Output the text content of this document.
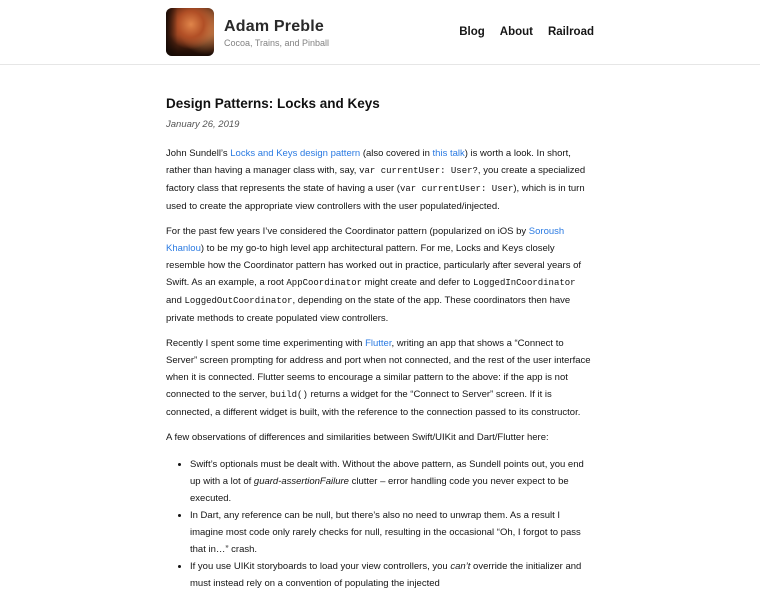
Adam Preble
Cocoa, Trains, and Pinball
Blog About Railroad
Design Patterns: Locks and Keys

January 26, 2019

John Sundell’s Locks and Keys design pattern (also covered in this talk) is worth a look. In short, rather than having a manager class with, say, var currentUser: User?, you create a specialized factory class that represents the state of having a user (var currentUser: User), which is in turn used to create the appropriate view controllers with the user populated/injected.

For the past few years I’ve considered the Coordinator pattern (popularized on iOS by Soroush Khanlou) to be my go-to high level app architectural pattern. For me, Locks and Keys closely resemble how the Coordinator pattern has worked out in practice, particularly after several years of Swift. As an example, a root AppCoordinator might create and defer to LoggedInCoordinator and LoggedOutCoordinator, depending on the state of the app. These coordinators then have private methods to create populated view controllers.

Recently I spent some time experimenting with Flutter, writing an app that shows a “Connect to Server” screen prompting for address and port when not connected, and the rest of the user interface when it is connected. Flutter seems to encourage a similar pattern to the above: if the app is not connected to the server, build() returns a widget for the “Connect to Server” screen. If it is connected, a different widget is built, with the reference to the connection passed to its constructor.

A few observations of differences and similarities between Swift/UIKit and Dart/Flutter here:

• Swift’s optionals must be dealt with. Without the above pattern, as Sundell points out, you end up with a lot of guard-assertionFailure clutter – error handling code you never expect to be executed.
• In Dart, any reference can be null, but there’s also no need to unwrap them. As a result I imagine most code only rarely checks for null, resulting in the occasional “Oh, I forgot to pass that in…” crash.
• If you use UIKit storyboards to load your view controllers, you can’t override the initializer and must instead rely on a convention of populating the injected
